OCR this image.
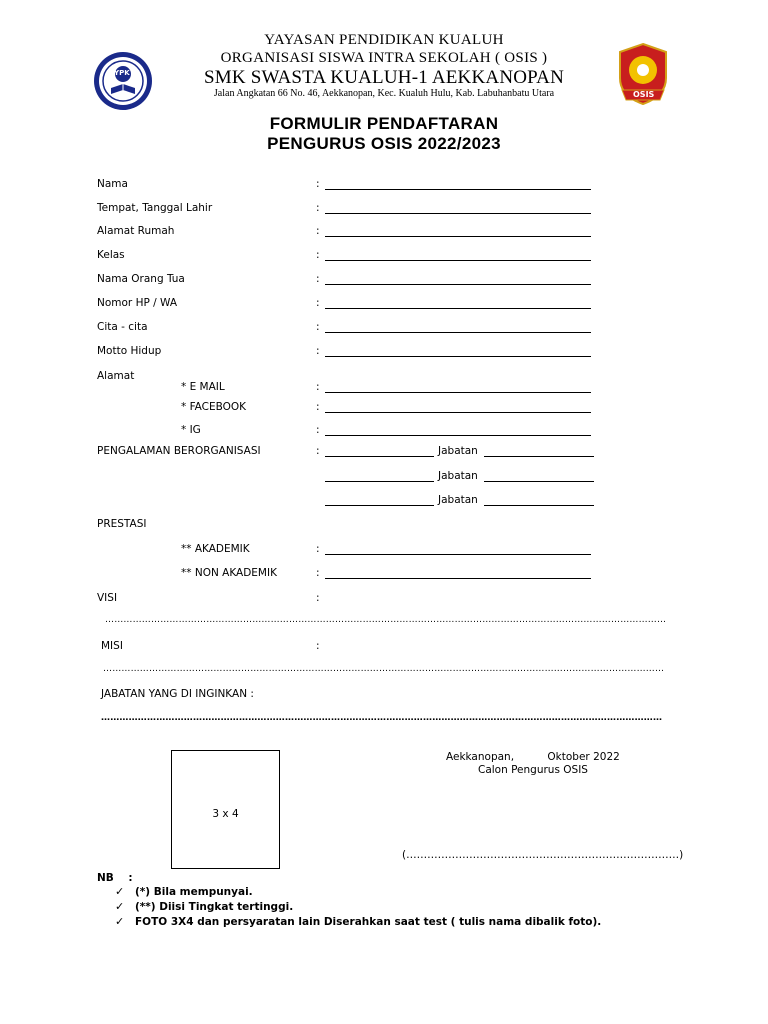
YPK
YAYASAN PENDIDIKAN KUALUH
ORGANISASI SISWA INTRA SEKOLAH ( OSIS )
SMK SWASTA KUALUH-1 AEKKANOPAN
Jalan Angkatan 66 No. 46, Aekkanopan, Kec. Kualuh Hulu, Kab. Labuhanbatu Utara	OSIS
FORMULIR PENDAFTARAN
PENGURUS OSIS 2022/2023
Nama	:
Tempat, Tanggal Lahir	:
Alamat Rumah	:
Kelas	:
Nama Orang Tua	:
Nomor HP / WA	:
Cita - cita	:
Motto Hidup	:
Alamat
* E MAIL	:
* FACEBOOK	:
* IG	:
PENGALAMAN BERORGANISASI	:	Jabatan
Jabatan
Jabatan
PRESTASI
** AKADEMIK	:
** NON AKADEMIK	:
VISI	:
…………………………………………………………………………………………………………………………………………………………………
MISI	:
…………………………………………………………………………………………………………………………………………………………………
JABATAN YANG DI INGINKAN :
…………………………………………………………………………………………………………………………………………………………………
3 x 4
Aekkanopan,          Oktober 2022
Calon Pengurus OSIS
(……………………………………………………………………)
NB    :
✓ (*) Bila mempunyai.
✓ (**) Diisi Tingkat tertinggi.
✓ FOTO 3X4 dan persyaratan lain Diserahkan saat test ( tulis nama dibalik foto).
